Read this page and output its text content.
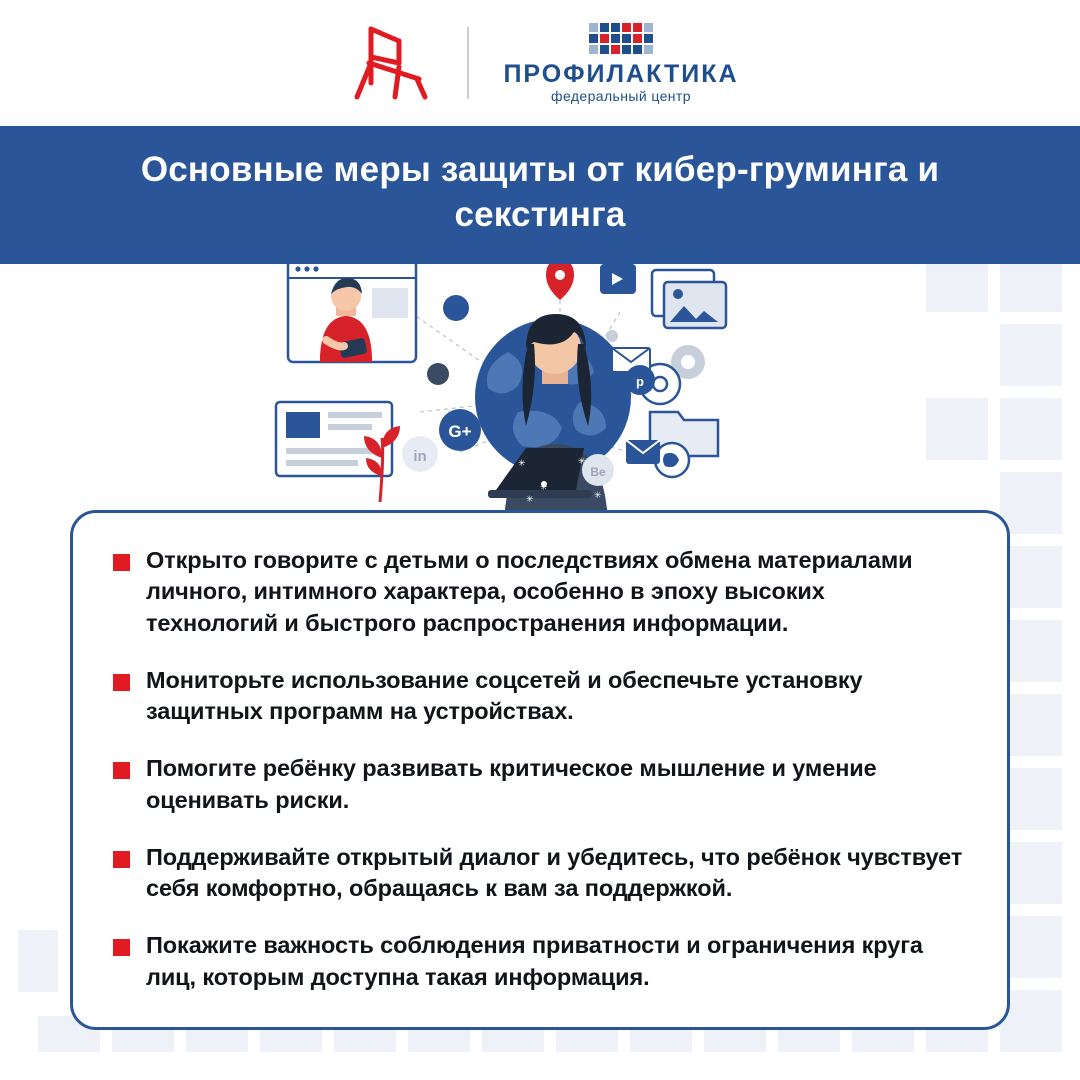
ПРОФИЛАКТИКА
федеральный центр
Основные меры защиты от кибер-груминга и секстинга
✳
✳
✳
✳
✳
G+
in
p
Be
Открыто говорите с детьми о последствиях обмена материалами личного, интимного характера, особенно в эпоху высоких технологий и быстрого распространения информации.
Мониторьте использование соцсетей и обеспечьте установку защитных программ на устройствах.
Помогите ребёнку развивать критическое мышление и умение оценивать риски.
Поддерживайте открытый диалог и убедитесь, что ребёнок чувствует себя комфортно, обращаясь к вам за поддержкой.
Покажите важность соблюдения приватности и ограничения круга лиц, которым доступна такая информация.
